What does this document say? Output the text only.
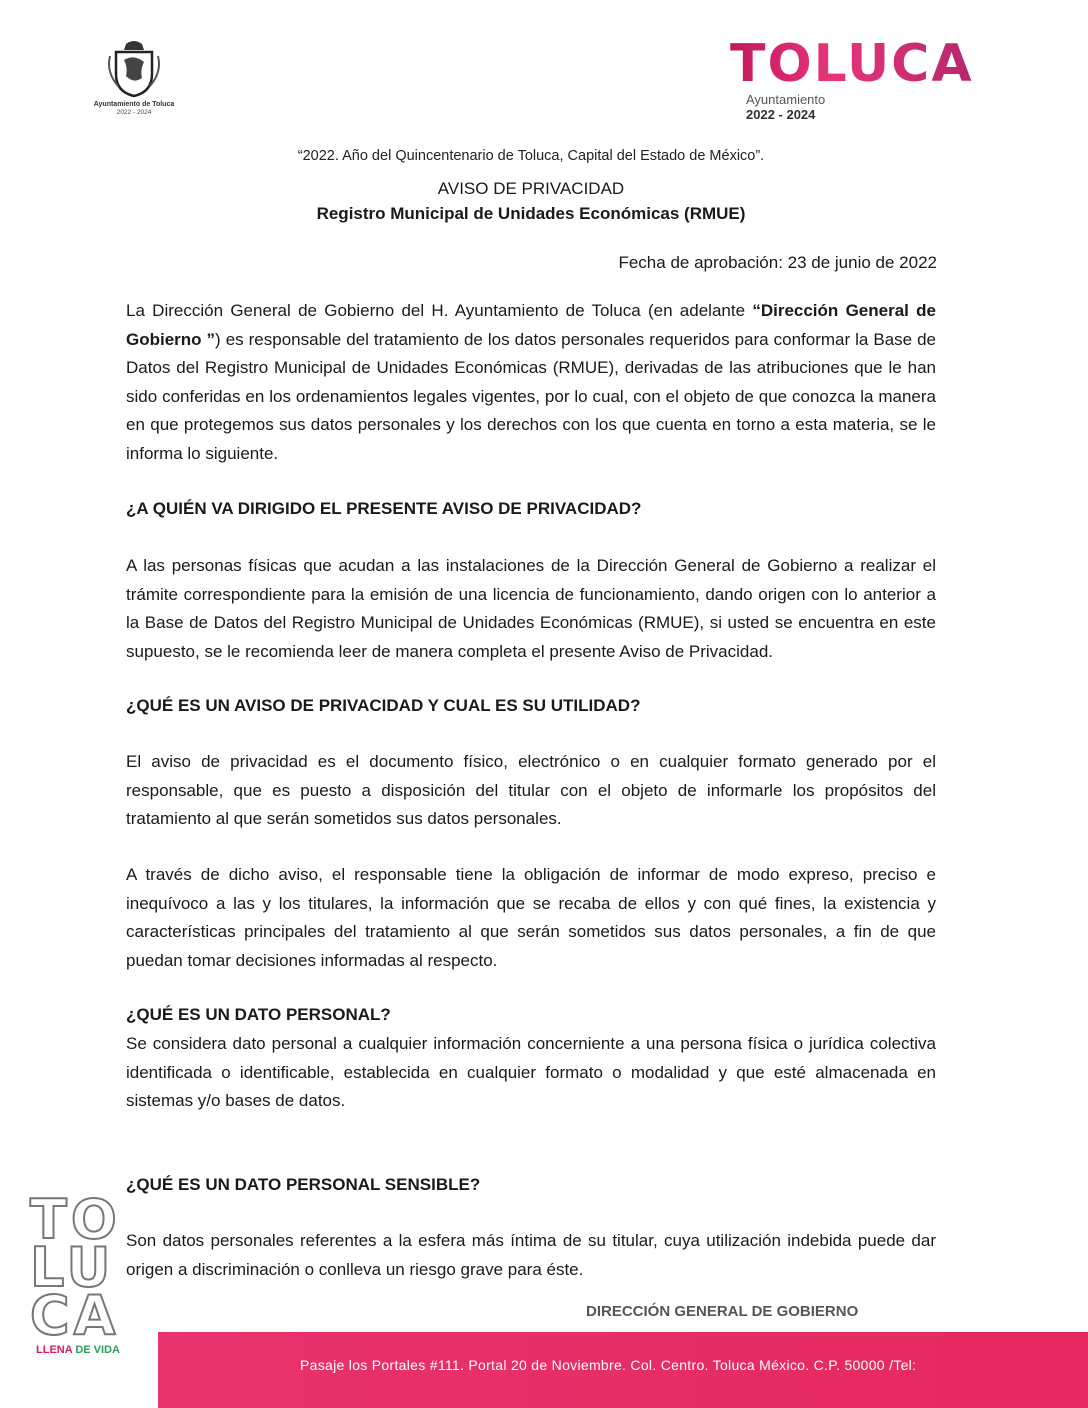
Ayuntamiento de Toluca
2022 - 2024
TOLUCA
Ayuntamiento
2022 - 2024
“2022. Año del Quincentenario de Toluca, Capital del Estado de México”.
AVISO DE PRIVACIDAD
Registro Municipal de Unidades Económicas (RMUE)
Fecha de aprobación: 23 de junio de 2022
La Dirección General de Gobierno del H. Ayuntamiento de Toluca (en adelante “Dirección General de Gobierno ”) es responsable del tratamiento de los datos personales requeridos para conformar la Base de Datos del Registro Municipal de Unidades Económicas (RMUE), derivadas de las atribuciones que le han sido conferidas en los ordenamientos legales vigentes, por lo cual, con el objeto de que conozca la manera en que protegemos sus datos personales y los derechos con los que cuenta en torno a esta materia, se le informa lo siguiente.
¿A QUIÉN VA DIRIGIDO EL PRESENTE AVISO DE PRIVACIDAD?
A las personas físicas que acudan a las instalaciones de la Dirección General de Gobierno a realizar el trámite correspondiente para la emisión de una licencia de funcionamiento, dando origen con lo anterior a la Base de Datos del Registro Municipal de Unidades Económicas (RMUE), si usted se encuentra en este supuesto, se le recomienda leer de manera completa el presente Aviso de Privacidad.
¿QUÉ ES UN AVISO DE PRIVACIDAD Y CUAL ES SU UTILIDAD?
El aviso de privacidad es el documento físico, electrónico o en cualquier formato generado por el responsable, que es puesto a disposición del titular con el objeto de informarle los propósitos del tratamiento al que serán sometidos sus datos personales.
A través de dicho aviso, el responsable tiene la obligación de informar de modo expreso, preciso e inequívoco a las y los titulares, la información que se recaba de ellos y con qué fines, la existencia y características principales del tratamiento al que serán sometidos sus datos personales, a fin de que puedan tomar decisiones informadas al respecto.
¿QUÉ ES UN DATO PERSONAL?
Se considera dato personal a cualquier información concerniente a una persona física o jurídica colectiva identificada o identificable, establecida en cualquier formato o modalidad y que esté almacenada en sistemas y/o bases de datos.
¿QUÉ ES UN DATO PERSONAL SENSIBLE?
Son datos personales referentes a la esfera más íntima de su titular, cuya utilización indebida puede dar origen a discriminación o conlleva un riesgo grave para éste.
TO
LU
CA
LLENA DE VIDA
DIRECCIÓN GENERAL DE GOBIERNO
Pasaje los Portales #111. Portal 20 de Noviembre. Col. Centro. Toluca México. C.P. 50000 /Tel:
